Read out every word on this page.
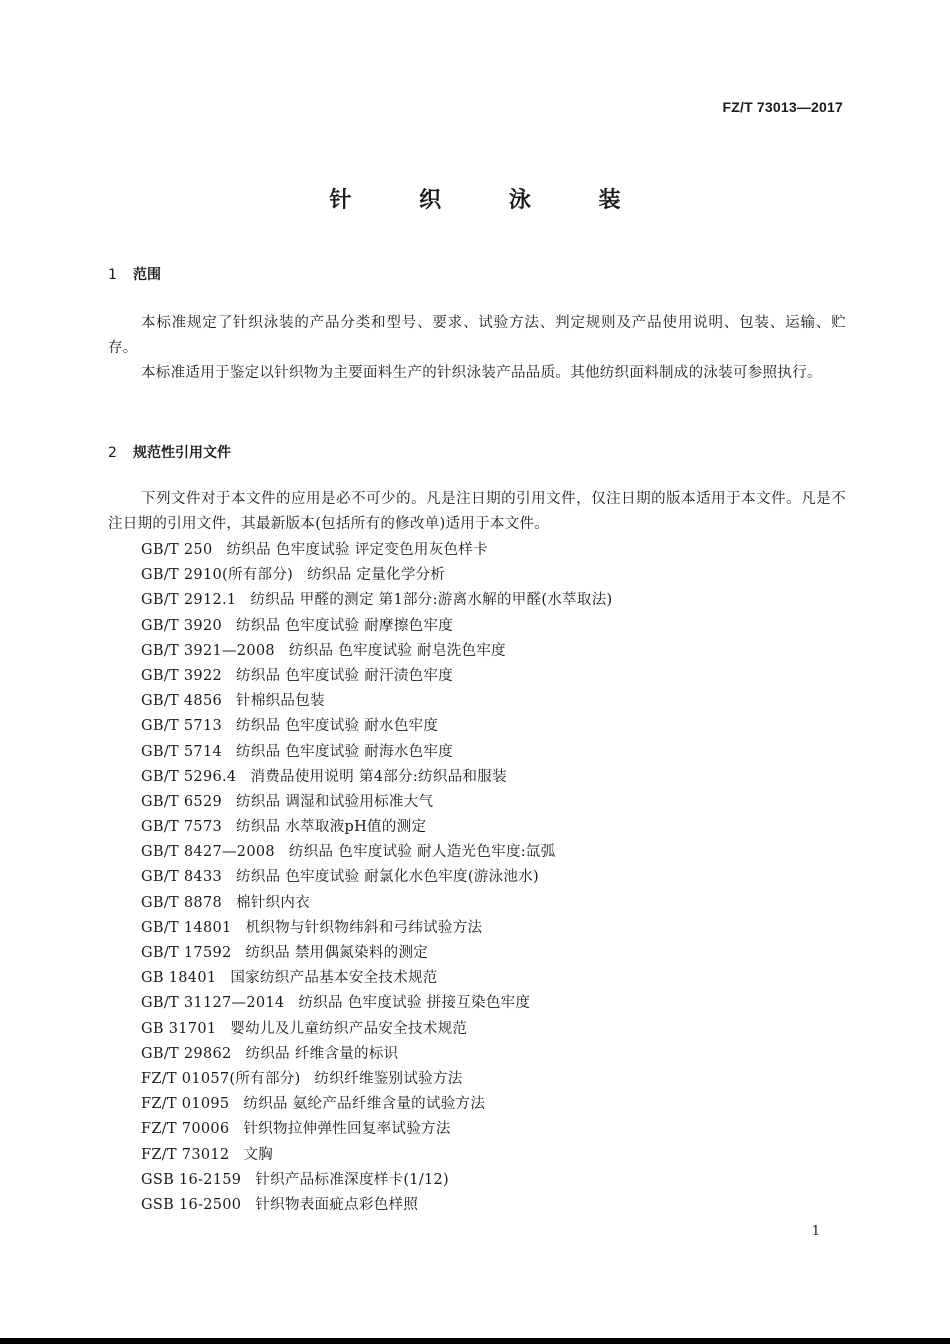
FZ/T 73013—2017
针 织 泳 装
1 范围

本标准规定了针织泳装的产品分类和型号、要求、试验方法、判定规则及产品使用说明、包装、运输、贮存。

本标准适用于鉴定以针织物为主要面料生产的针织泳装产品品质。其他纺织面料制成的泳装可参照执行。

2 规范性引用文件

下列文件对于本文件的应用是必不可少的。凡是注日期的引用文件，仅注日期的版本适用于本文件。凡是不注日期的引用文件，其最新版本(包括所有的修改单)适用于本文件。

GB/T 250 纺织品 色牢度试验 评定变色用灰色样卡
GB/T 2910(所有部分) 纺织品 定量化学分析
GB/T 2912.1 纺织品 甲醛的测定 第1部分:游离水解的甲醛(水萃取法)
GB/T 3920 纺织品 色牢度试验 耐摩擦色牢度
GB/T 3921—2008 纺织品 色牢度试验 耐皂洗色牢度
GB/T 3922 纺织品 色牢度试验 耐汗渍色牢度
GB/T 4856 针棉织品包装
GB/T 5713 纺织品 色牢度试验 耐水色牢度
GB/T 5714 纺织品 色牢度试验 耐海水色牢度
GB/T 5296.4 消费品使用说明 第4部分:纺织品和服装
GB/T 6529 纺织品 调湿和试验用标准大气
GB/T 7573 纺织品 水萃取液pH值的测定
GB/T 8427—2008 纺织品 色牢度试验 耐人造光色牢度:氙弧
GB/T 8433 纺织品 色牢度试验 耐氯化水色牢度(游泳池水)
GB/T 8878 棉针织内衣
GB/T 14801 机织物与针织物纬斜和弓纬试验方法
GB/T 17592 纺织品 禁用偶氮染料的测定
GB 18401 国家纺织产品基本安全技术规范
GB/T 31127—2014 纺织品 色牢度试验 拼接互染色牢度
GB 31701 婴幼儿及儿童纺织产品安全技术规范
GB/T 29862 纺织品 纤维含量的标识
FZ/T 01057(所有部分) 纺织纤维鉴别试验方法
FZ/T 01095 纺织品 氨纶产品纤维含量的试验方法
FZ/T 70006 针织物拉伸弹性回复率试验方法
FZ/T 73012 文胸
GSB 16-2159 针织产品标准深度样卡(1/12)
GSB 16-2500 针织物表面疵点彩色样照
1
